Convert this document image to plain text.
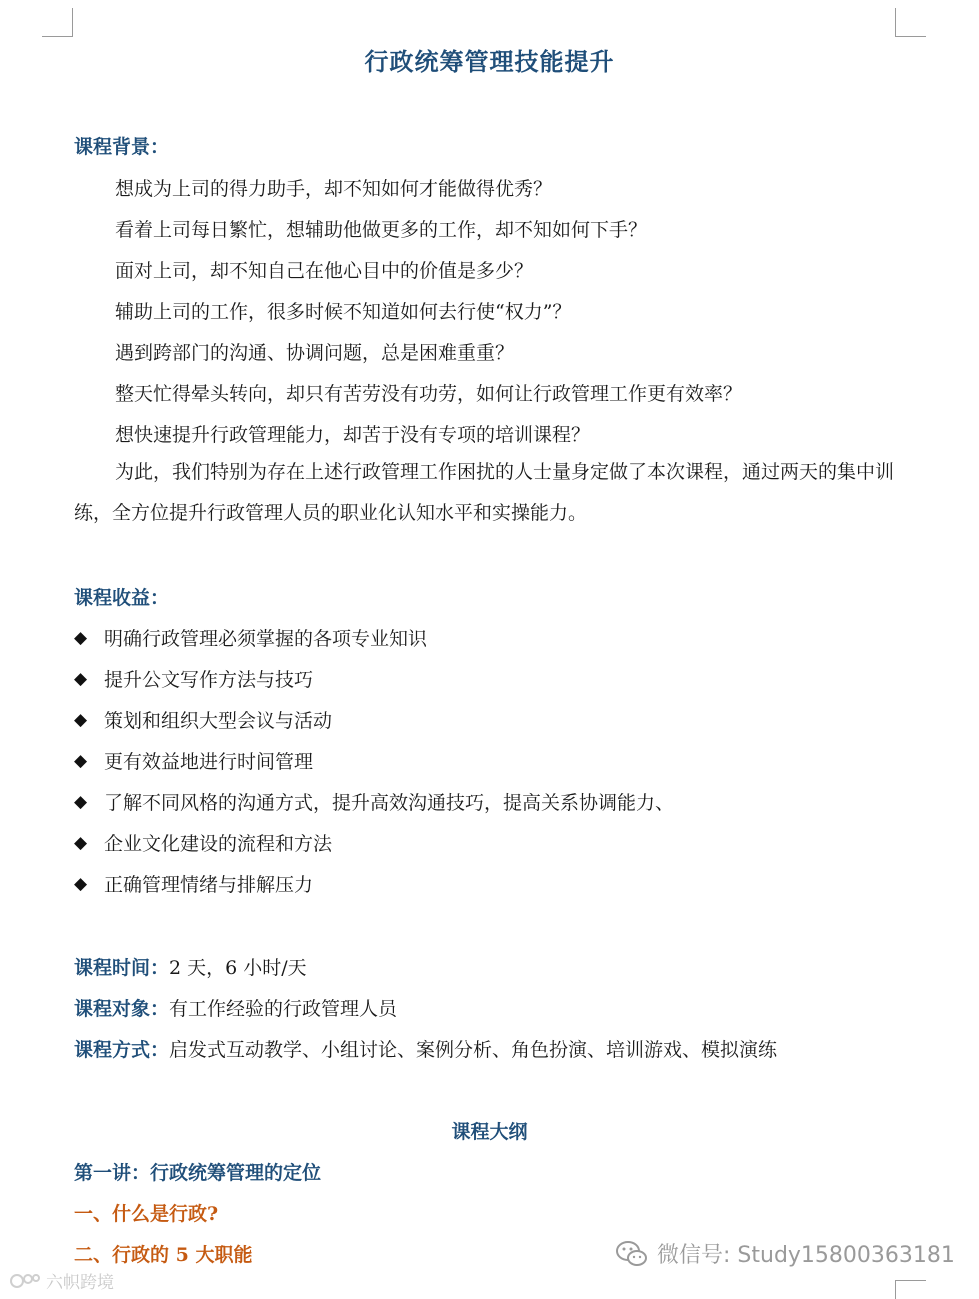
行政统筹管理技能提升
课程背景：
想成为上司的得力助手，却不知如何才能做得优秀？
看着上司每日繁忙，想辅助他做更多的工作，却不知如何下手？
面对上司，却不知自己在他心目中的价值是多少？
辅助上司的工作，很多时候不知道如何去行使“权力”？
遇到跨部门的沟通、协调问题，总是困难重重？
整天忙得晕头转向，却只有苦劳没有功劳，如何让行政管理工作更有效率？
想快速提升行政管理能力，却苦于没有专项的培训课程？
为此，我们特别为存在上述行政管理工作困扰的人士量身定做了本次课程，通过两天的集中训练，全方位提升行政管理人员的职业化认知水平和实操能力。
课程收益：
◆ 明确行政管理必须掌握的各项专业知识
◆ 提升公文写作方法与技巧
◆ 策划和组织大型会议与活动
◆ 更有效益地进行时间管理
◆ 了解不同风格的沟通方式，提升高效沟通技巧，提高关系协调能力、
◆ 企业文化建设的流程和方法
◆ 正确管理情绪与排解压力
课程时间：2 天，6 小时/天
课程对象：有工作经验的行政管理人员
课程方式：启发式互动教学、小组讨论、案例分析、角色扮演、培训游戏、模拟演练
课程大纲
第一讲：行政统筹管理的定位
一、什么是行政?
二、行政的 5 大职能
六帜跨境
微信号: Study15800363181
